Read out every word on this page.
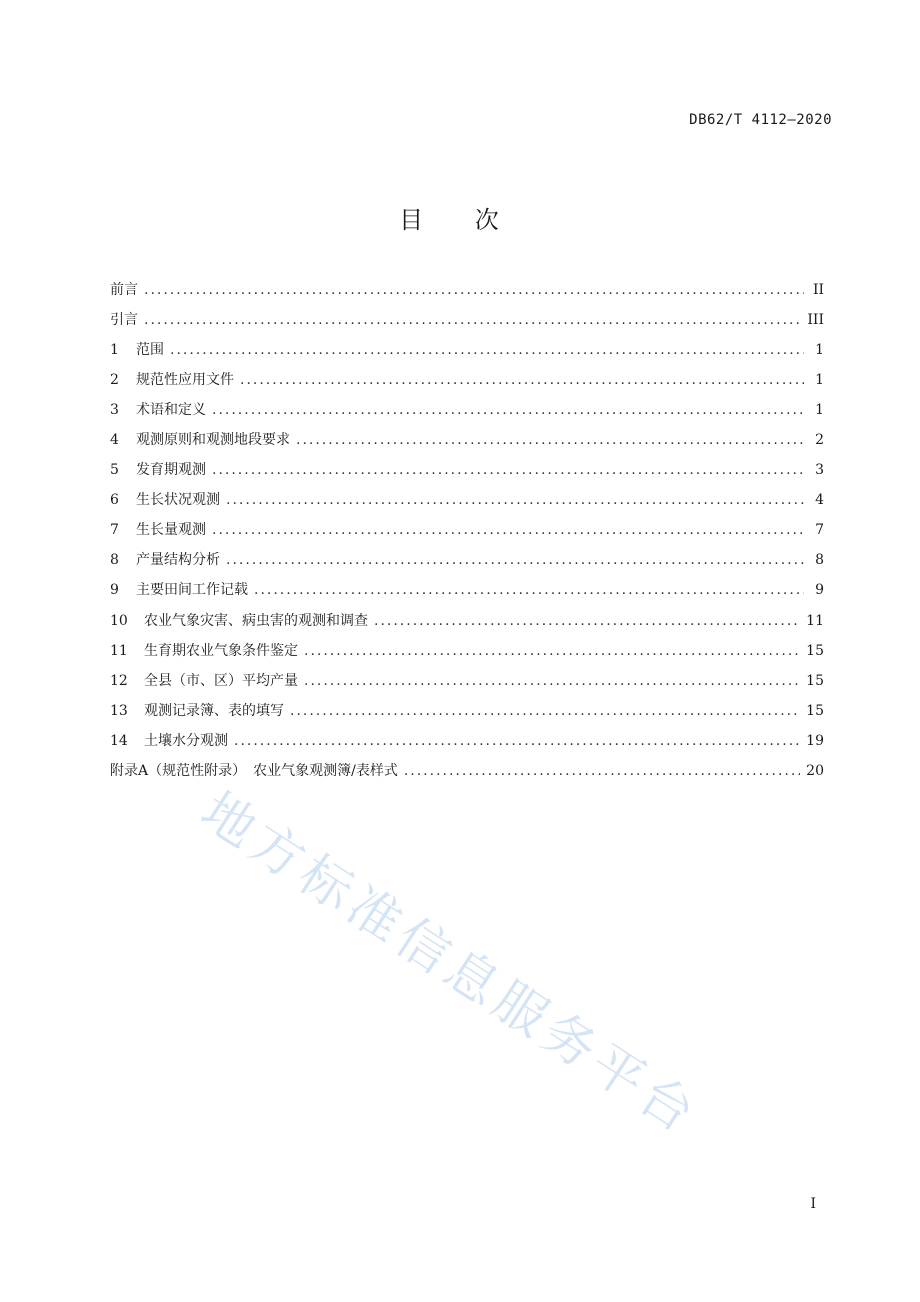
DB62/T 4112—2020
目 次
前言 .....	II
引言 .....	III
1	范围 .....	1
2	规范性应用文件 .....	1
3	术语和定义 .....	1
4	观测原则和观测地段要求 .....	2
5	发育期观测 .....	3
6	生长状况观测 .....	4
7	生长量观测 .....	7
8	产量结构分析 .....	8
9	主要田间工作记载 .....	9
10	农业气象灾害、病虫害的观测和调查 .....	11
11	生育期农业气象条件鉴定 .....	15
12	全县（市、区）平均产量 .....	15
13	观测记录簿、表的填写 .....	15
14	土壤水分观测 .....	19
附录A（规范性附录）　农业气象观测簿/表样式 .....	20
地方标准信息服务平台
I
